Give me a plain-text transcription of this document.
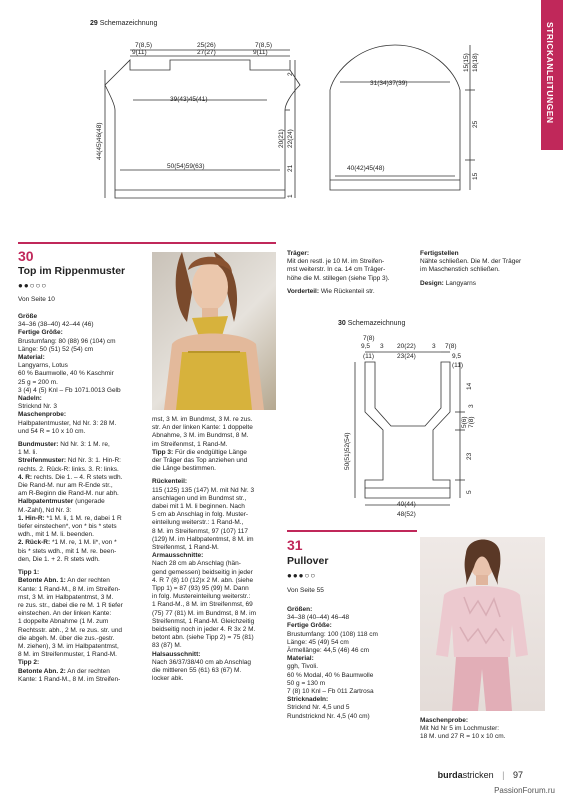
STRICKANLEITUNGEN
29 Schemazeichnung
7(8,5)
9(11)
25(26)
27(27)
7(8,5)
9(11)
39(43)45(41)
50(54)59(63)
44(45)46(48)
2
20(21) 22(24)
21
1
31(34)37(39)
40(42)45(48)
15(15) 18(18)
25
15
30
Top im Rippenmuster
●●○○○
Von Seite 10
Größe
34–36 (38–40) 42–44 (46)
Fertige Größe:
Brustumfang: 80 (88) 96 (104) cm
Länge: 50 (51) 52 (54) cm
Material:
Langyarns, Lotus
60 % Baumwolle, 40 % Kaschmir
25 g = 200 m.
3 (4) 4 (5) Knl – Fb 1071.0013 Gelb
Nadeln:
Stricknd Nr. 3
Maschenprobe:
Halbpatentmuster, Nd Nr. 3: 28 M.
und 54 R = 10 x 10 cm.
Bundmuster: Nd Nr. 3: 1 M. re,
1 M. li.
Streifenmuster: Nd Nr. 3: 1. Hin-R:
rechts. 2. Rück-R: links. 3. R: links.
4. R: rechts. Die 1. – 4. R stets wdh.
Die Rand-M. nur am R-Ende str.,
am R-Beginn die Rand-M. nur abh.
Halbpatentmuster (ungerade
M.-Zahl), Nd Nr. 3:
1. Hin-R: *1 M. li, 1 M. re, dabei 1 R
tiefer einstechen*, von * bis * stets
wdh., mit 1 M. li. beenden.
2. Rück-R: *1 M. re, 1 M. li*, von *
bis * stets wdh., mit 1 M. re. been-
den, Die 1. + 2. R stets wdh.
Tipp 1:
Betonte Abn. 1: An der rechten
Kante: 1 Rand-M., 8 M. im Streifen-
mst, 3 M. im Halbpatentmst, 3 M.
re zus. str., dabei die re M. 1 R tiefer
einstechen. An der linken Kante:
1 doppelte Abnahme (1 M. zum
Rechtsstr. abh., 2 M. re zus. str. und
die abgeh. M. über die zus.-gestr.
M. ziehen), 3 M. im Halbpatentmst,
8 M. im Streifenmuster, 1 Rand-M.
Tipp 2:
Betonte Abn. 2: An der rechten
Kante: 1 Rand-M., 8 M. im Streifen-
mst, 3 M. im Bundmst, 3 M. re zus.
str. An der linken Kante: 1 doppelte
Abnahme, 3 M. im Bundmst, 8 M.
im Streifenmst, 1 Rand-M.
Tipp 3: Für die endgültige Länge
der Träger das Top anziehen und
die Länge bestimmen.
Rückenteil:
115 (125) 135 (147) M. mit Nd Nr. 3
anschlagen und im Bundmst str.,
dabei mit 1 M. li beginnen. Nach
5 cm ab Anschlag in folg. Muster-
einteilung weiterstr.: 1 Rand-M.,
8 M. im Streifenmst, 97 (107) 117
(129) M. im Halbpatentmst, 8 M. im
Streifenmst, 1 Rand-M.
Armausschnitte:
Nach 28 cm ab Anschlag (hän-
gend gemessen) beidseitig in jeder
4. R 7 (8) 10 (12)x 2 M. abn. (siehe
Tipp 1) = 87 (93) 95 (99) M. Dann
in folg. Mustereinteilung weiterstr.:
1 Rand-M., 8 M. im Streifenmst, 69
(75) 77 (81) M. im Bundmst, 8 M. im
Streifenmst, 1 Rand-M. Gleichzeitig
beidseitig noch in jeder 4. R 3x 2 M.
betont abn. (siehe Tipp 2) = 75 (81)
83 (87) M.
Halsausschnitt:
Nach 36/37/38/40 cm ab Anschlag
die mittleren 55 (61) 63 (67) M.
locker abk.
Träger:
Mit den restl. je 10 M. im Streifen-
mst weiterstr. In ca. 14 cm Träger-
höhe die M. stillegen (siehe Tipp 3).
Vorderteil: Wie Rückenteil str.
Fertigstellen
Nähte schließen. Die M. der Träger
im Maschenstich schließen.
Design: Langyarns
30 Schemazeichnung
7(8)
9,5
(11)
3 20(22)
23(24)
3 7(8)
9,5
(11)
50(51)52(54)
14
5(6) 7(8)
3
23
5
40(44)
48(52)
31
Pullover
●●●○○
Von Seite 55
Größen:
34–38 (40–44) 46–48
Fertige Größe:
Brustumfang: 100 (108) 118 cm
Länge: 45 (49) 54 cm
Ärmellänge: 44,5 (46) 46 cm
Material:
ggh, Tivoli.
60 % Modal, 40 % Baumwolle
50 g = 130 m
7 (8) 10 Knl – Fb 011 Zartrosa
Stricknadeln:
Stricknd Nr. 4,5 und 5
Rundstricknd Nr. 4,5 (40 cm)
Maschenprobe:
Mit Nd Nr 5 im Lochmuster:
18 M. und 27 R = 10 x 10 cm.
burdastricken | 97
PassionForum.ru
